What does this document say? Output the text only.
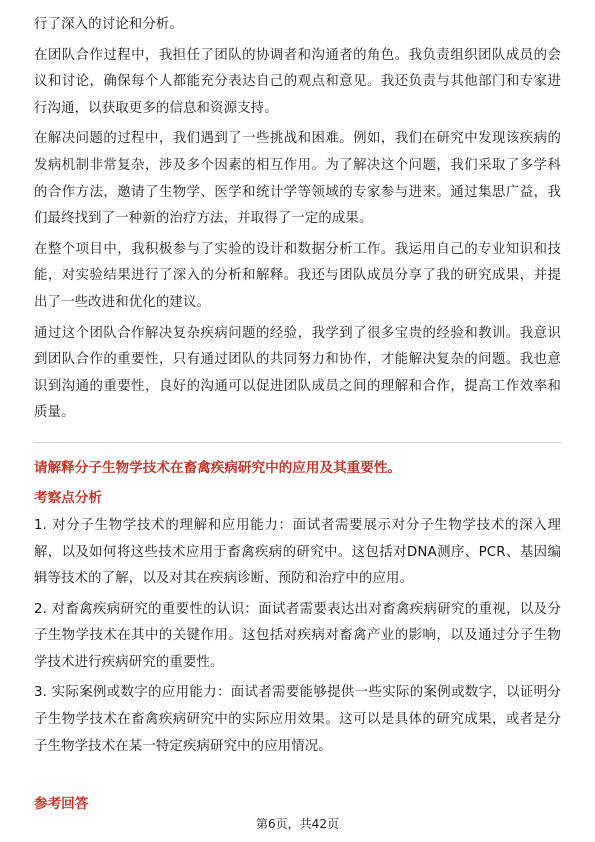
行了深入的讨论和分析。

在团队合作过程中，我担任了团队的协调者和沟通者的角色。我负责组织团队成员的会议和讨论，确保每个人都能充分表达自己的观点和意见。我还负责与其他部门和专家进行沟通，以获取更多的信息和资源支持。

在解决问题的过程中，我们遇到了一些挑战和困难。例如，我们在研究中发现该疾病的发病机制非常复杂，涉及多个因素的相互作用。为了解决这个问题，我们采取了多学科的合作方法，邀请了生物学、医学和统计学等领域的专家参与进来。通过集思广益，我们最终找到了一种新的治疗方法，并取得了一定的成果。

在整个项目中，我积极参与了实验的设计和数据分析工作。我运用自己的专业知识和技能，对实验结果进行了深入的分析和解释。我还与团队成员分享了我的研究成果，并提出了一些改进和优化的建议。

通过这个团队合作解决复杂疾病问题的经验，我学到了很多宝贵的经验和教训。我意识到团队合作的重要性，只有通过团队的共同努力和协作，才能解决复杂的问题。我也意识到沟通的重要性，良好的沟通可以促进团队成员之间的理解和合作，提高工作效率和质量。

请解释分子生物学技术在畜禽疾病研究中的应用及其重要性。
考察点分析

1. 对分子生物学技术的理解和应用能力：面试者需要展示对分子生物学技术的深入理解，以及如何将这些技术应用于畜禽疾病的研究中。这包括对DNA测序、PCR、基因编辑等技术的了解，以及对其在疾病诊断、预防和治疗中的应用。

2. 对畜禽疾病研究的重要性的认识：面试者需要表达出对畜禽疾病研究的重视，以及分子生物学技术在其中的关键作用。这包括对疾病对畜禽产业的影响，以及通过分子生物学技术进行疾病研究的重要性。

3. 实际案例或数字的应用能力：面试者需要能够提供一些实际的案例或数字，以证明分子生物学技术在畜禽疾病研究中的实际应用效果。这可以是具体的研究成果，或者是分子生物学技术在某一特定疾病研究中的应用情况。

参考回答
第6页，共42页
